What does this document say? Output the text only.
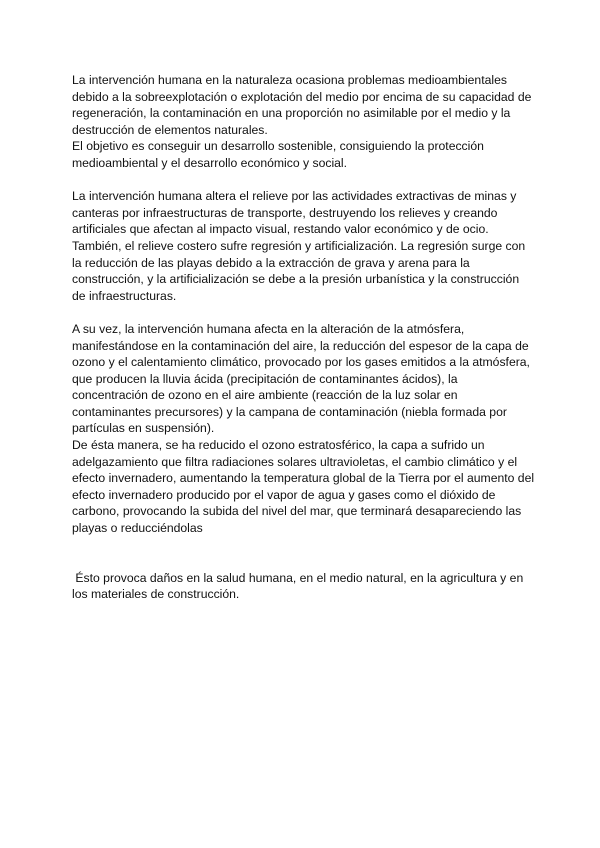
La intervención humana en la naturaleza ocasiona problemas medioambientales debido a la sobreexplotación o explotación del medio por encima de su capacidad de regeneración, la contaminación en una proporción no asimilable por el medio y la destrucción de elementos naturales.

El objetivo es conseguir un desarrollo sostenible, consiguiendo la protección medioambiental y el desarrollo económico y social.

La intervención humana altera el relieve por las actividades extractivas de minas y canteras por infraestructuras de transporte, destruyendo los relieves y creando artificiales que afectan al impacto visual, restando valor económico y de ocio. También, el relieve costero sufre regresión y artificialización. La regresión surge con la reducción de las playas debido a la extracción de grava y arena para la construcción, y la artificialización se debe a la presión urbanística y la construcción de infraestructuras.

A su vez, la intervención humana afecta en la alteración de la atmósfera, manifestándose en la contaminación del aire, la reducción del espesor de la capa de ozono y el calentamiento climático, provocado por los gases emitidos a la atmósfera, que producen la lluvia ácida (precipitación de contaminantes ácidos), la concentración de ozono en el aire ambiente (reacción de la luz solar en contaminantes precursores) y la campana de contaminación (niebla formada por partículas en suspensión).

De ésta manera, se ha reducido el ozono estratosférico, la capa a sufrido un adelgazamiento que filtra radiaciones solares ultravioletas, el cambio climático y el efecto invernadero, aumentando la temperatura global de la Tierra por el aumento del efecto invernadero producido por el vapor de agua y gases como el dióxido de carbono, provocando la subida del nivel del mar, que terminará desapareciendo las playas o reducciéndolas

Ésto provoca daños en la salud humana, en el medio natural, en la agricultura y en los materiales de construcción.
